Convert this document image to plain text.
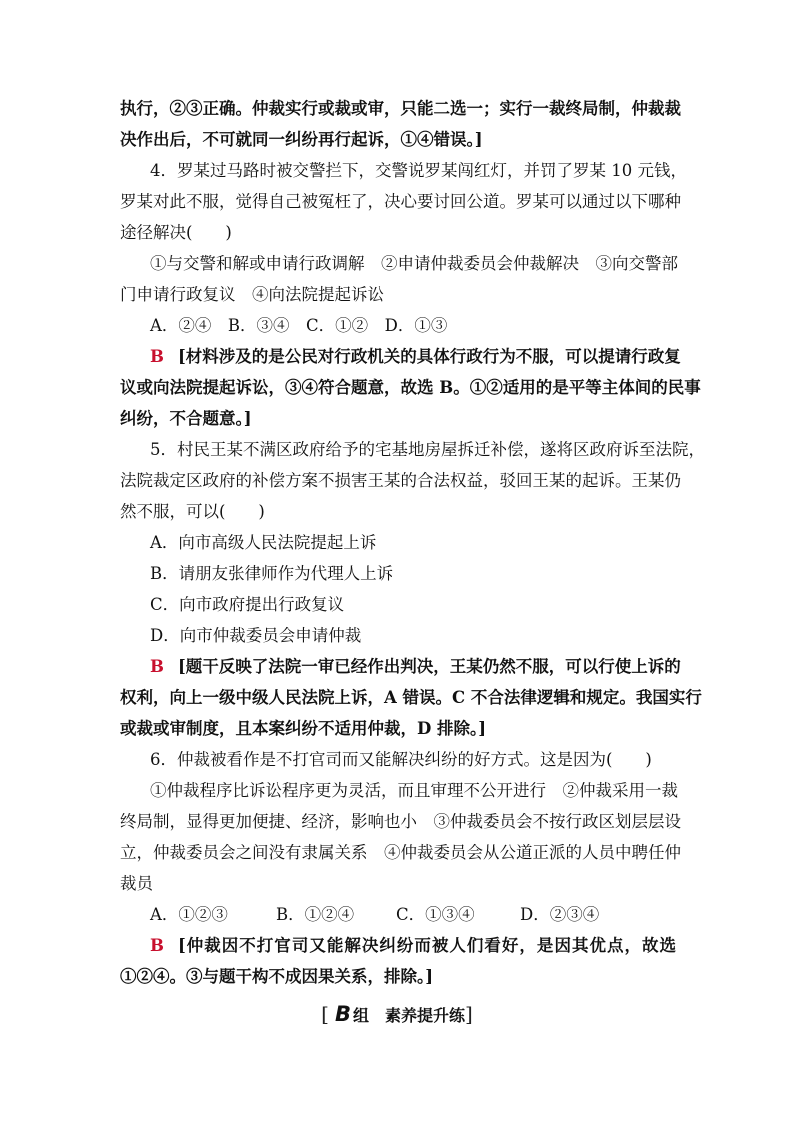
执行，②③正确。仲裁实行或裁或审，只能二选一；实行一裁终局制，仲裁裁
决作出后，不可就同一纠纷再行起诉，①④错误。]
4．罗某过马路时被交警拦下，交警说罗某闯红灯，并罚了罗某 10 元钱，
罗某对此不服，觉得自己被冤枉了，决心要讨回公道。罗某可以通过以下哪种
途径解决(　　)
①与交警和解或申请行政调解　②申请仲裁委员会仲裁解决　③向交警部
门申请行政复议　④向法院提起诉讼
A．②④　B．③④　C．①②　D．①③
B [材料涉及的是公民对行政机关的具体行政行为不服，可以提请行政复
议或向法院提起诉讼，③④符合题意，故选 B。①②适用的是平等主体间的民事
纠纷，不合题意。]
5．村民王某不满区政府给予的宅基地房屋拆迁补偿，遂将区政府诉至法院，
法院裁定区政府的补偿方案不损害王某的合法权益，驳回王某的起诉。王某仍
然不服，可以(　　)
A．向市高级人民法院提起上诉
B．请朋友张律师作为代理人上诉
C．向市政府提出行政复议
D．向市仲裁委员会申请仲裁
B [题干反映了法院一审已经作出判决，王某仍然不服，可以行使上诉的
权利，向上一级中级人民法院上诉，A 错误。C 不合法律逻辑和规定。我国实行
或裁或审制度，且本案纠纷不适用仲裁，D 排除。]
6．仲裁被看作是不打官司而又能解决纠纷的好方式。这是因为(　　)
①仲裁程序比诉讼程序更为灵活，而且审理不公开进行　②仲裁采用一裁
终局制，显得更加便捷、经济，影响也小　③仲裁委员会不按行政区划层层设
立，仲裁委员会之间没有隶属关系　④仲裁委员会从公道正派的人员中聘任仲
裁员
A．①②③	B．①②④	C．①③④	D．②③④
B [仲裁因不打官司又能解决纠纷而被人们看好，是因其优点，故选
①②④。③与题干构不成因果关系，排除。]
[ B 组　素养提升练]
